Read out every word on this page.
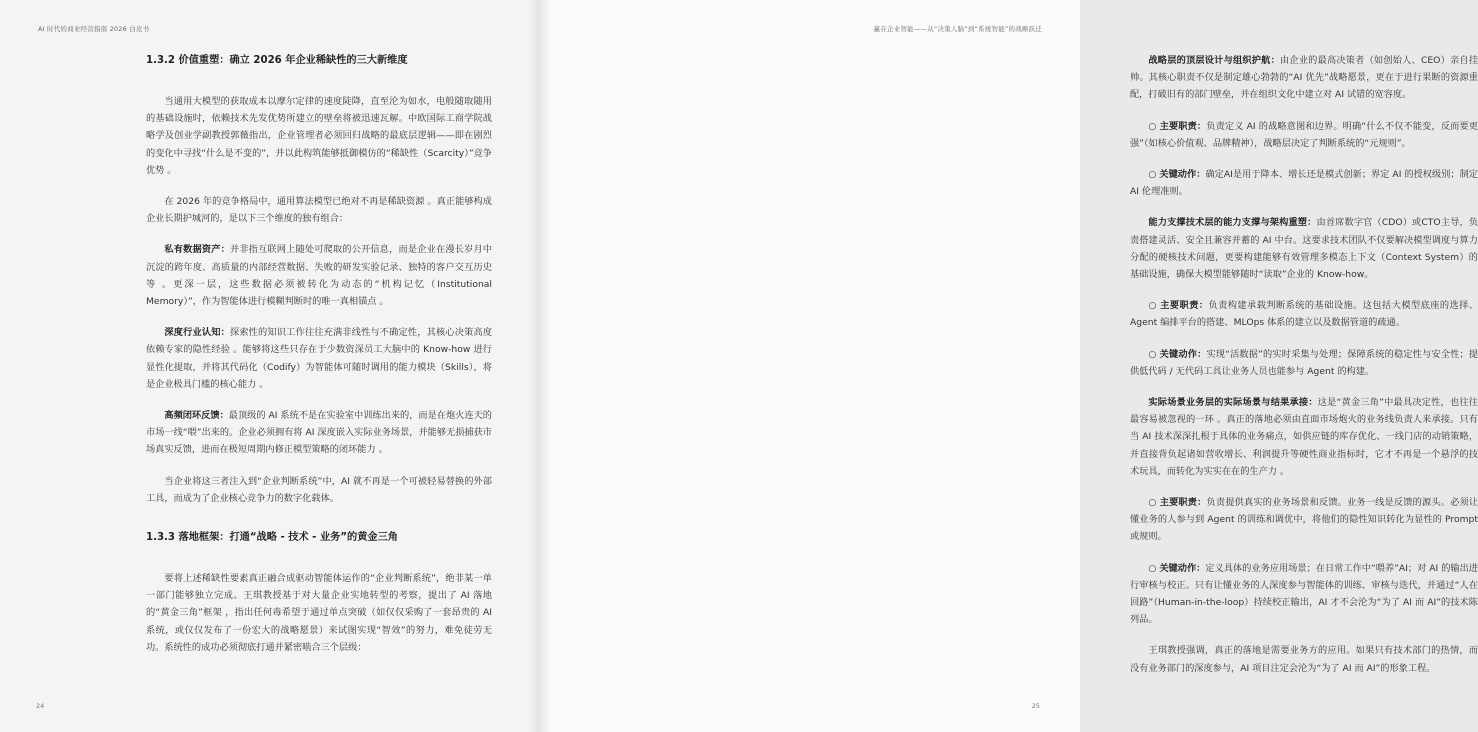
AI 时代的商业经营指南 2026 白皮书
1.3.2 价值重塑：确立 2026 年企业稀缺性的三大新维度

当通用大模型的获取成本以摩尔定律的速度陡降，直至沦为如水，电般随取随用的基础设施时，依赖技术先发优势所建立的壁垒将被迅速瓦解。中欧国际工商学院战略学及创业学副教授郭薇指出，企业管理者必须回归战略的最底层逻辑——即在剧烈的变化中寻找“什么是不变的”，并以此构筑能够抵御模仿的“稀缺性（Scarcity）”竞争优势 。

在 2026 年的竞争格局中，通用算法模型已绝对不再是稀缺资源 。真正能够构成企业长期护城河的，是以下三个维度的独有组合：

私有数据资产：并非指互联网上随处可爬取的公开信息，而是企业在漫长岁月中沉淀的跨年度、高质量的内部经营数据、失败的研发实验记录、独特的客户交互历史等 。更深一层，这些数据必须被转化为动态的“机构记忆（Institutional Memory）”，作为智能体进行模糊判断时的唯一真相锚点 。

深度行业认知：探索性的知识工作往往充满非线性与不确定性，其核心决策高度依赖专家的隐性经验 。能够将这些只存在于少数资深员工大脑中的 Know-how 进行显性化提取，并将其代码化（Codify）为智能体可随时调用的能力模块（Skills），将是企业极具门槛的核心能力 。

高频闭环反馈：最顶级的 AI 系统不是在实验室中训练出来的，而是在炮火连天的市场一线“喂”出来的。企业必须拥有将 AI 深度嵌入实际业务场景，并能够无损捕获市场真实反馈，进而在极短周期内修正模型策略的闭环能力 。

当企业将这三者注入到“企业判断系统”中，AI 就不再是一个可被轻易替换的外部工具，而成为了企业核心竞争力的数字化载体。

1.3.3 落地框架：打通“战略 - 技术 - 业务”的黄金三角

要将上述稀缺性要素真正融合成驱动智能体运作的“企业判断系统”，绝非某一单一部门能够独立完成。王琪教授基于对大量企业实地转型的考察，提出了 AI 落地的“黄金三角”框架 ，指出任何毒希望于通过单点突破（如仅仅采购了一套昂贵的 AI 系统，或仅仅发布了一份宏大的战略愿景）来试图实现“智效”的努力，难免徒劳无功。系统性的成功必须彻底打通并紧密啮合三个层级：

24
赢在企业智能——从“决策人脑”到“系统智能”的战略跃迁

战略层的顶层设计与组织护航：由企业的最高决策者（如创始人、CEO）亲自挂帅。其核心职责不仅是制定雄心勃勃的“AI 优先”战略愿景，更在于进行果断的资源重配，打破旧有的部门壁垒，并在组织文化中建立对 AI 试错的宽容度。

○ 主要职责：负责定义 AI 的战略意图和边界。明确“什么不仅不能变，反而要更强”（如核心价值观、品牌精神），战略层决定了判断系统的“元规则”。

○ 关键动作：确定AI是用于降本、增长还是模式创新；界定 AI 的授权级别；制定 AI 伦理准则。

能力支撑技术层的能力支撑与架构重塑：由首席数字官（CDO）或CTO主导，负责搭建灵活、安全且兼容并蓄的 AI 中台。这要求技术团队不仅要解决模型调度与算力分配的硬核技术问题，更要构建能够有效管理多模态上下文（Context System）的基础设施，确保大模型能够随时“读取”企业的 Know-how。

○ 主要职责：负责构建承载判断系统的基础设施。这包括大模型底座的选择、Agent 编排平台的搭建、MLOps 体系的建立以及数据管道的疏通。

○ 关键动作：实现“活数据”的实时采集与处理；保障系统的稳定性与安全性；提供低代码 / 无代码工具让业务人员也能参与 Agent 的构建。

实际场景业务层的实际场景与结果承接：这是“黄金三角”中最具决定性，也往往最容易被忽视的一环 。真正的落地必须由直面市场炮火的业务线负责人来承接。只有当 AI 技术深深扎根于具体的业务痛点，如供应链的库存优化、一线门店的动销策略，并直接背负起诸如营收增长、利润提升等硬性商业指标时，它才不再是一个悬浮的技术玩具，而转化为实实在在的生产力 。

○ 主要职责：负责提供真实的业务场景和反馈。业务一线是反馈的源头。必须让懂业务的人参与到 Agent 的训练和调优中，将他们的隐性知识转化为显性的 Prompt 或规则。

○ 关键动作：定义具体的业务应用场景；在日常工作中“喂养”AI；对 AI 的输出进行审核与校正。只有让懂业务的人深度参与智能体的训练、审核与迭代，并通过“人在回路”（Human-in-the-loop）持续校正输出，AI 才不会沦为“为了 AI 而 AI”的技术陈列品。

王琪教授强调，真正的落地是需要业务方的应用。如果只有技术部门的热情，而没有业务部门的深度参与，AI 项目注定会沦为“为了 AI 而 AI”的形象工程。

25
